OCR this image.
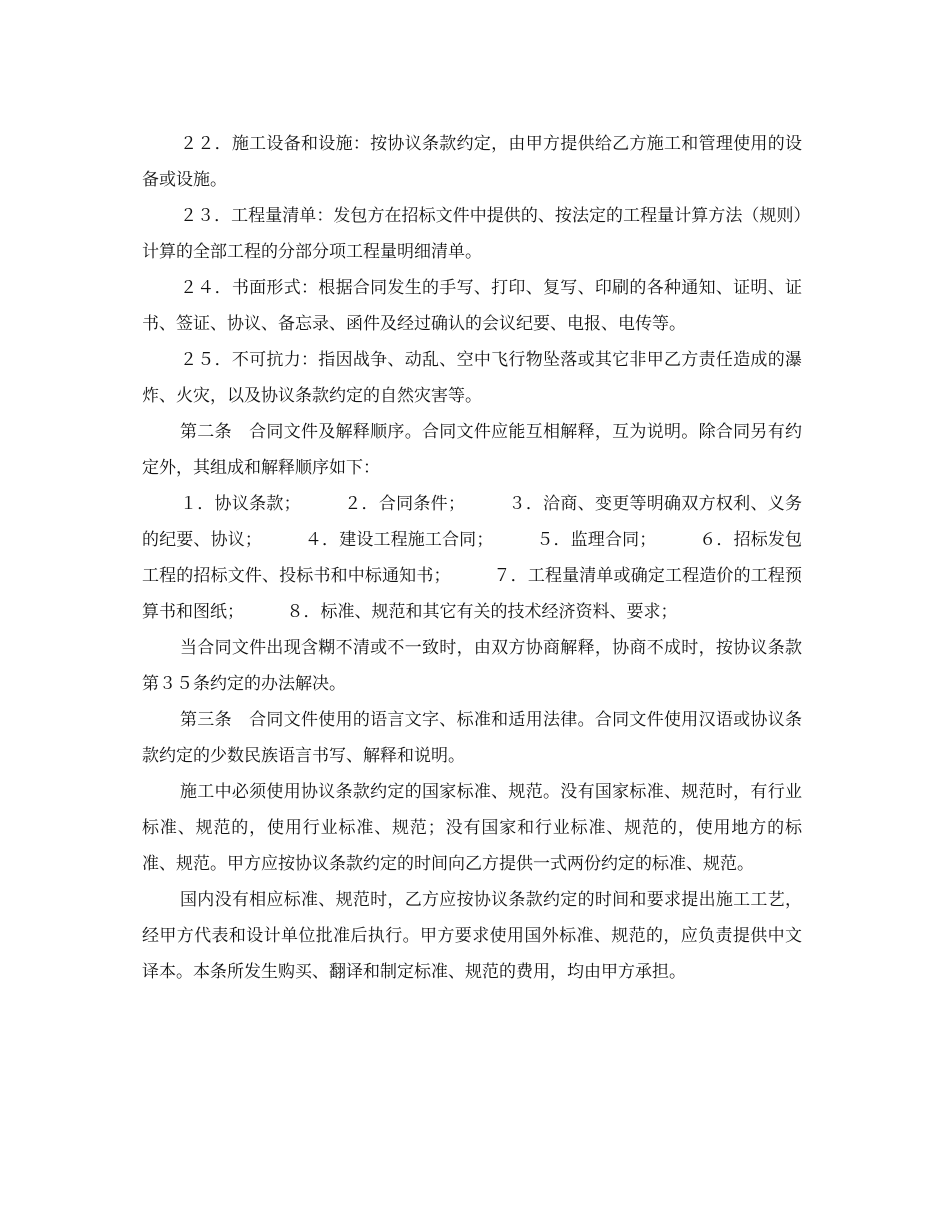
２２．施工设备和设施：按协议条款约定，由甲方提供给乙方施工和管理使用的设备或设施。

２３．工程量清单：发包方在招标文件中提供的、按法定的工程量计算方法（规则）计算的全部工程的分部分项工程量明细清单。

２４．书面形式：根据合同发生的手写、打印、复写、印刷的各种通知、证明、证书、签证、协议、备忘录、函件及经过确认的会议纪要、电报、电传等。

２５．不可抗力：指因战争、动乱、空中飞行物坠落或其它非甲乙方责任造成的瀑炸、火灾，以及协议条款约定的自然灾害等。

第二条　合同文件及解释顺序。合同文件应能互相解释，互为说明。除合同另有约定外，其组成和解释顺序如下：

１．协议条款；　　　２．合同条件；　　　３．洽商、变更等明确双方权利、义务的纪要、协议；　　　４．建设工程施工合同；　　　５．监理合同；　　　６．招标发包工程的招标文件、投标书和中标通知书；　　　７．工程量清单或确定工程造价的工程预算书和图纸；　　　８．标准、规范和其它有关的技术经济资料、要求；

当合同文件出现含糊不清或不一致时，由双方协商解释，协商不成时，按协议条款第３５条约定的办法解决。

第三条　合同文件使用的语言文字、标准和适用法律。合同文件使用汉语或协议条款约定的少数民族语言书写、解释和说明。

施工中必须使用协议条款约定的国家标准、规范。没有国家标准、规范时，有行业标准、规范的，使用行业标准、规范；没有国家和行业标准、规范的，使用地方的标准、规范。甲方应按协议条款约定的时间向乙方提供一式两份约定的标准、规范。

国内没有相应标准、规范时，乙方应按协议条款约定的时间和要求提出施工工艺，经甲方代表和设计单位批准后执行。甲方要求使用国外标准、规范的，应负责提供中文译本。本条所发生购买、翻译和制定标准、规范的费用，均由甲方承担。
